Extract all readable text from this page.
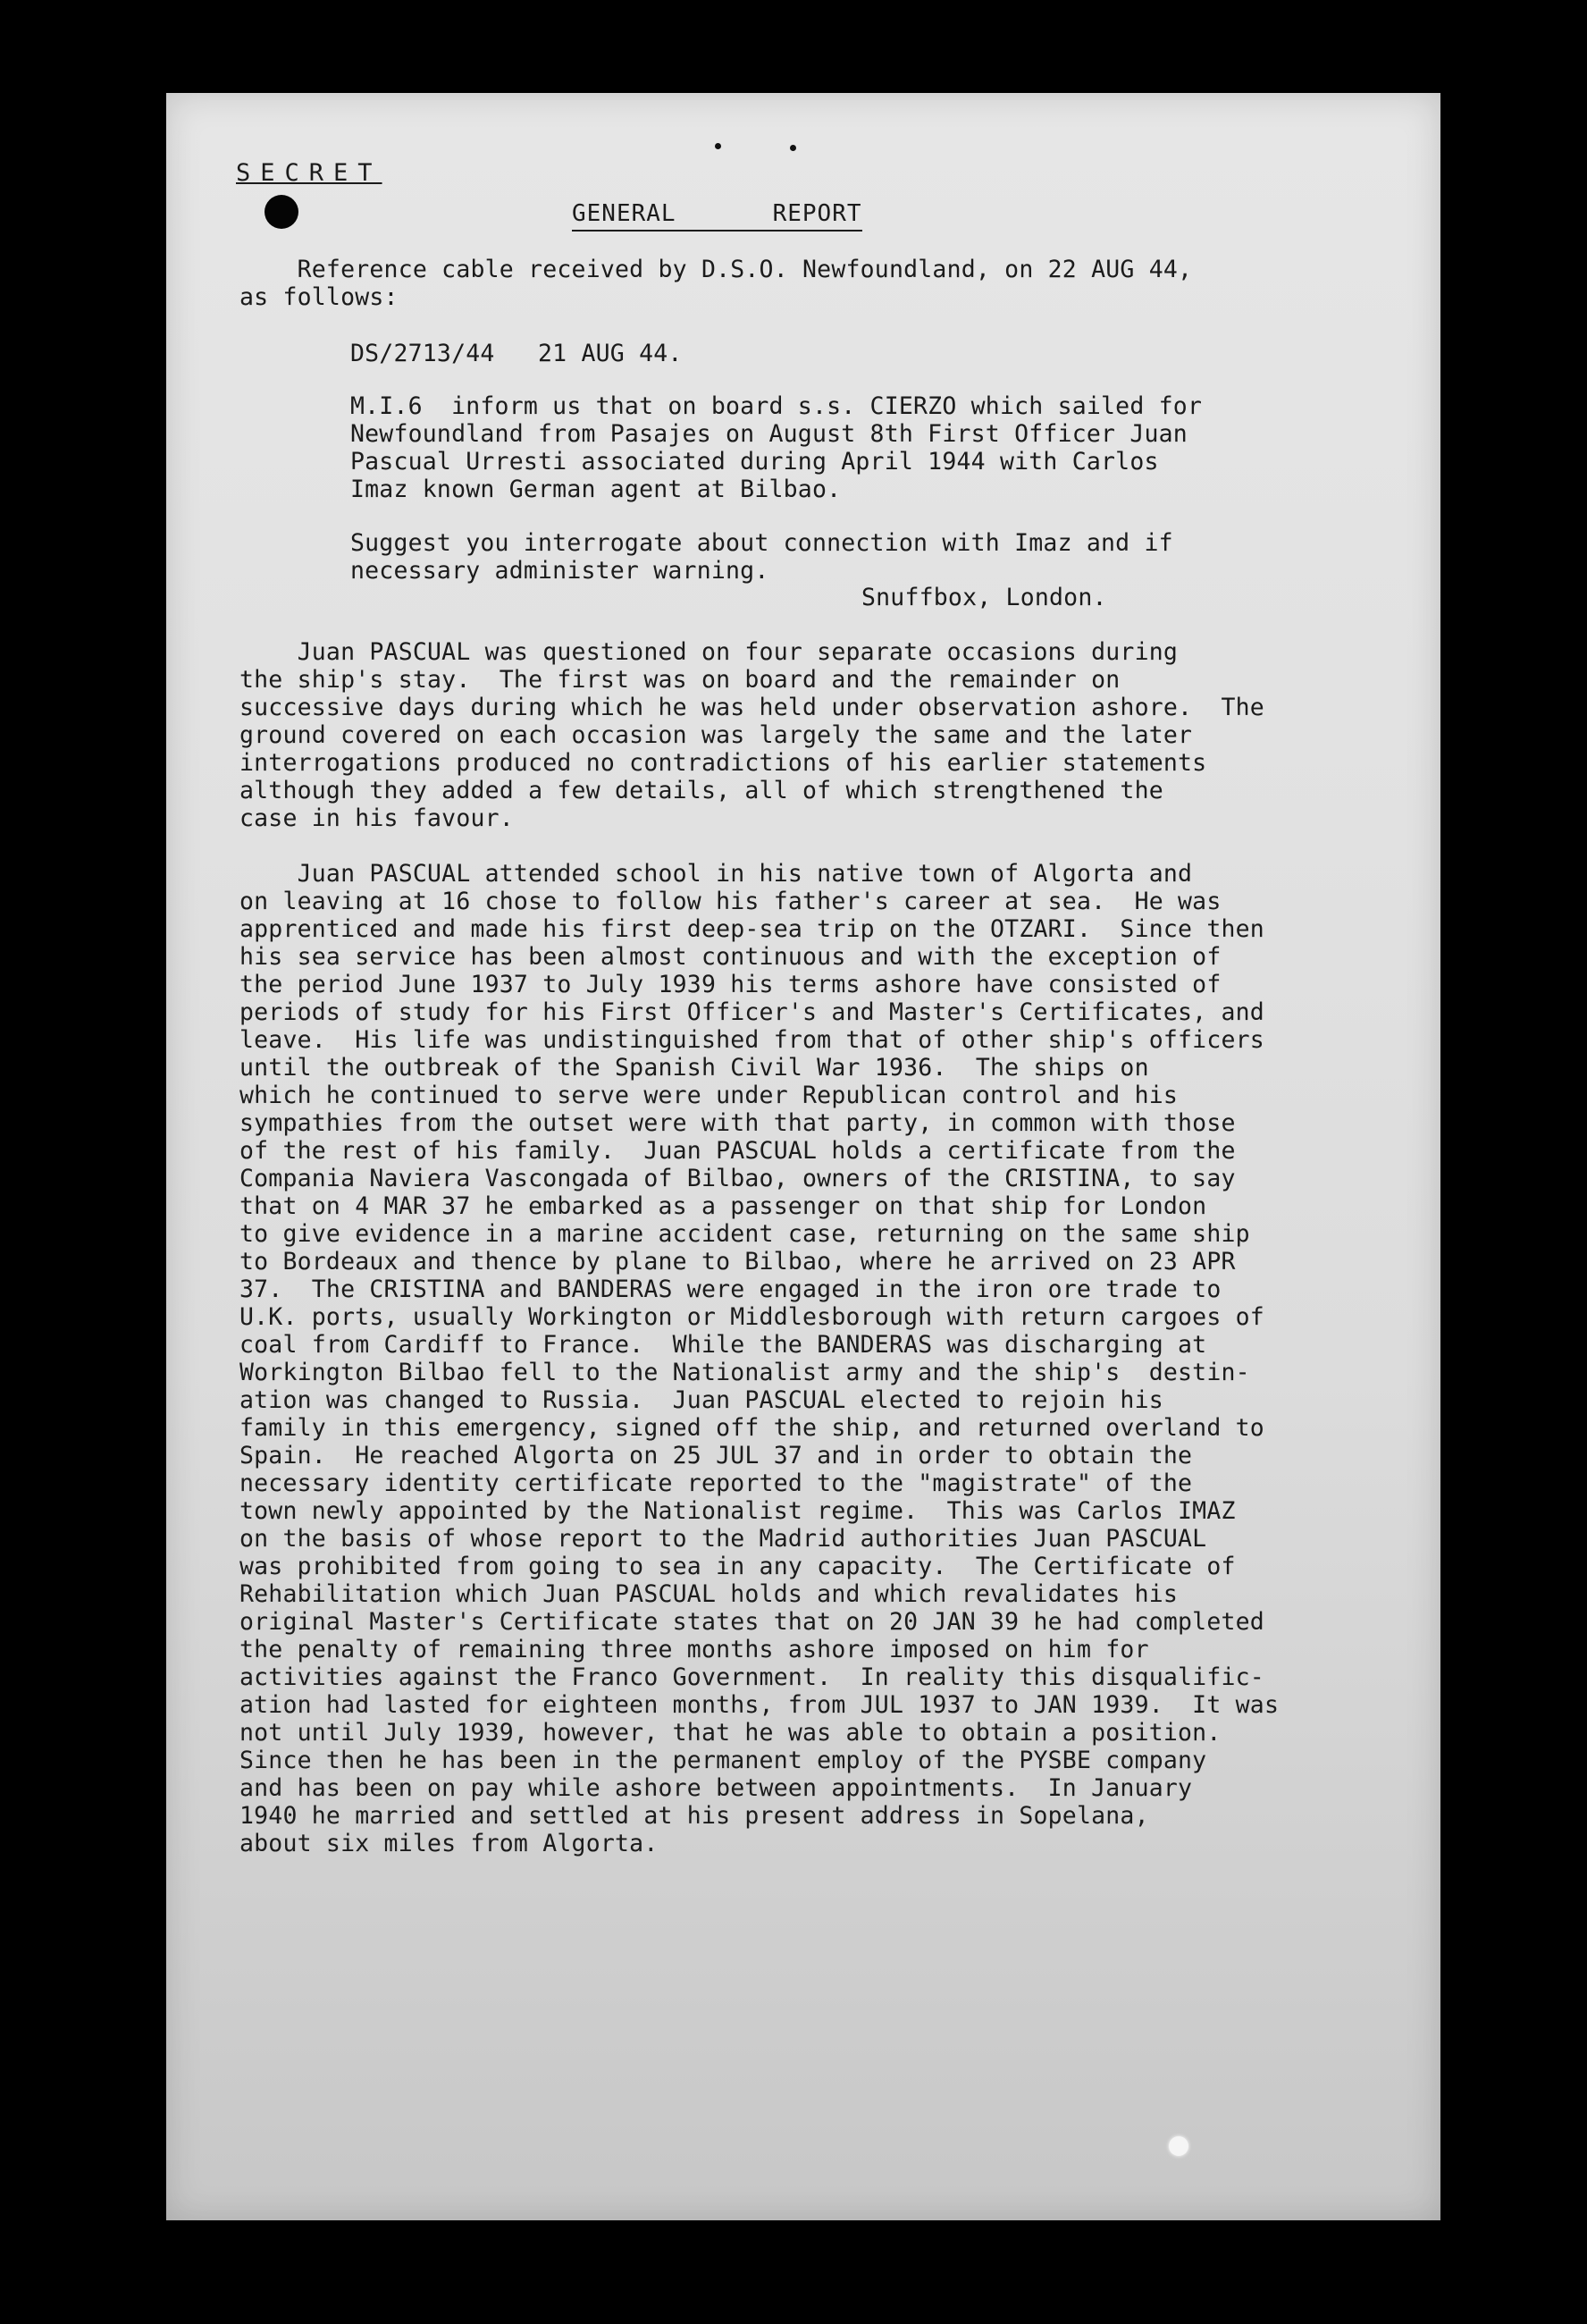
SECRET
GENERAL	REPORT
Reference cable received by D.S.O. Newfoundland, on 22 AUG 44,
as follows:
DS/2713/44   21 AUG 44.
M.I.6  inform us that on board s.s. CIERZO which sailed for
Newfoundland from Pasajes on August 8th First Officer Juan
Pascual Urresti associated during April 1944 with Carlos
Imaz known German agent at Bilbao.
Suggest you interrogate about connection with Imaz and if
necessary administer warning.
Snuffbox, London.
Juan PASCUAL was questioned on four separate occasions during
the ship's stay.  The first was on board and the remainder on
successive days during which he was held under observation ashore.  The
ground covered on each occasion was largely the same and the later
interrogations produced no contradictions of his earlier statements
although they added a few details, all of which strengthened the
case in his favour.
Juan PASCUAL attended school in his native town of Algorta and
on leaving at 16 chose to follow his father's career at sea.  He was
apprenticed and made his first deep-sea trip on the OTZARI.  Since then
his sea service has been almost continuous and with the exception of
the period June 1937 to July 1939 his terms ashore have consisted of
periods of study for his First Officer's and Master's Certificates, and
leave.  His life was undistinguished from that of other ship's officers
until the outbreak of the Spanish Civil War 1936.  The ships on
which he continued to serve were under Republican control and his
sympathies from the outset were with that party, in common with those
of the rest of his family.  Juan PASCUAL holds a certificate from the
Compania Naviera Vascongada of Bilbao, owners of the CRISTINA, to say
that on 4 MAR 37 he embarked as a passenger on that ship for London
to give evidence in a marine accident case, returning on the same ship
to Bordeaux and thence by plane to Bilbao, where he arrived on 23 APR
37.  The CRISTINA and BANDERAS were engaged in the iron ore trade to
U.K. ports, usually Workington or Middlesborough with return cargoes of
coal from Cardiff to France.  While the BANDERAS was discharging at
Workington Bilbao fell to the Nationalist army and the ship's  destin-
ation was changed to Russia.  Juan PASCUAL elected to rejoin his
family in this emergency, signed off the ship, and returned overland to
Spain.  He reached Algorta on 25 JUL 37 and in order to obtain the
necessary identity certificate reported to the "magistrate" of the
town newly appointed by the Nationalist regime.  This was Carlos IMAZ
on the basis of whose report to the Madrid authorities Juan PASCUAL
was prohibited from going to sea in any capacity.  The Certificate of
Rehabilitation which Juan PASCUAL holds and which revalidates his
original Master's Certificate states that on 20 JAN 39 he had completed
the penalty of remaining three months ashore imposed on him for
activities against the Franco Government.  In reality this disqualific-
ation had lasted for eighteen months, from JUL 1937 to JAN 1939.  It was
not until July 1939, however, that he was able to obtain a position.
Since then he has been in the permanent employ of the PYSBE company
and has been on pay while ashore between appointments.  In January
1940 he married and settled at his present address in Sopelana,
about six miles from Algorta.
